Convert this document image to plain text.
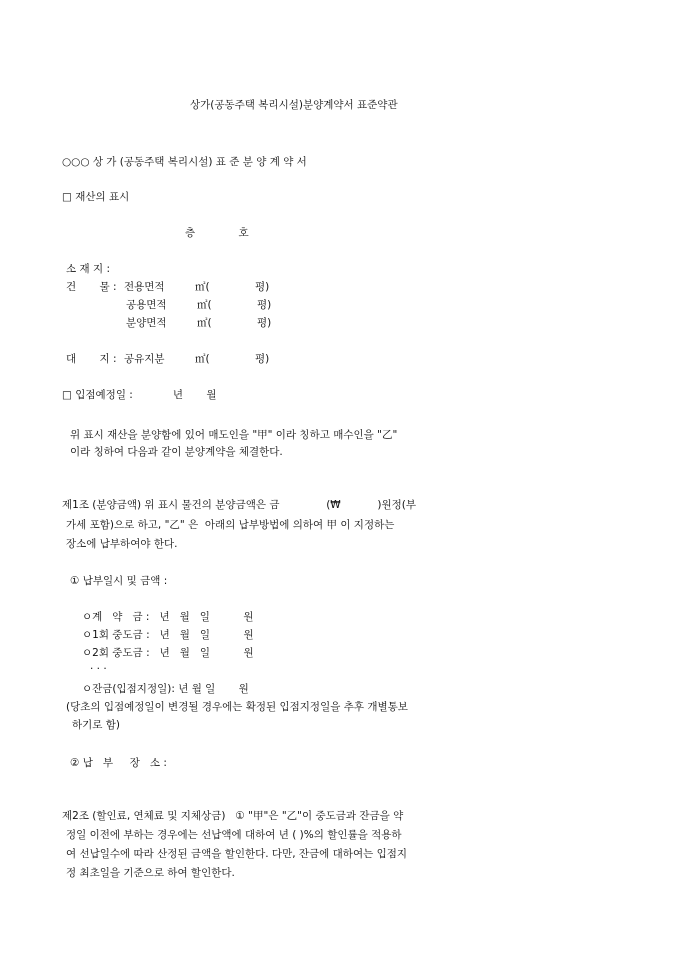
상가(공동주택 복리시설)분양계약서 표준약관
○○○ 상 가 (공동주택 복리시설) 표 준 분 양 계 약 서
□ 재산의 표시
층             호
소 재 지 :
건       물 : 전용면적	㎡(	평)
공용면적	㎡(	평)
분양면적	㎡(	평)
대       지 : 공유지분	㎡(	평)
□ 입점예정일 :            년       월
위 표시 재산을 분양함에 있어 매도인을 "甲" 이라 칭하고 매수인을 "乙"
이라 칭하여 다음과 같이 분양계약을 체결한다.
제1조 (분양금액) 위 표시 물건의 분양금액은 금              (₩           )원정(부
가세 포함)으로 하고, "乙" 은  아래의 납부방법에 의하여 甲 이 지정하는
장소에 납부하여야 한다.
① 납부일시 및 금액 :
ㅇ계   약   금 :   년   월   일          원
ㅇ1회 중도금 :   년   월   일          원
ㅇ2회 중도금 :   년   월   일          원
· · ·
ㅇ잔금(입점지정일): 년 월 일       원
(당초의 입점예정일이 변경될 경우에는 확정된 입점지정일을 추후 개별통보
하기로 함)
② 납   부     장   소 :
제2조 (할인료, 연체료 및 지체상금)   ① "甲"은 "乙"이 중도금과 잔금을 약
정일 이전에 부하는 경우에는 선납액에 대하여 년 ( )%의 할인률을 적용하
여 선납일수에 따라 산정된 금액을 할인한다. 다만, 잔금에 대하여는 입점지
정 최초일을 기준으로 하여 할인한다.
